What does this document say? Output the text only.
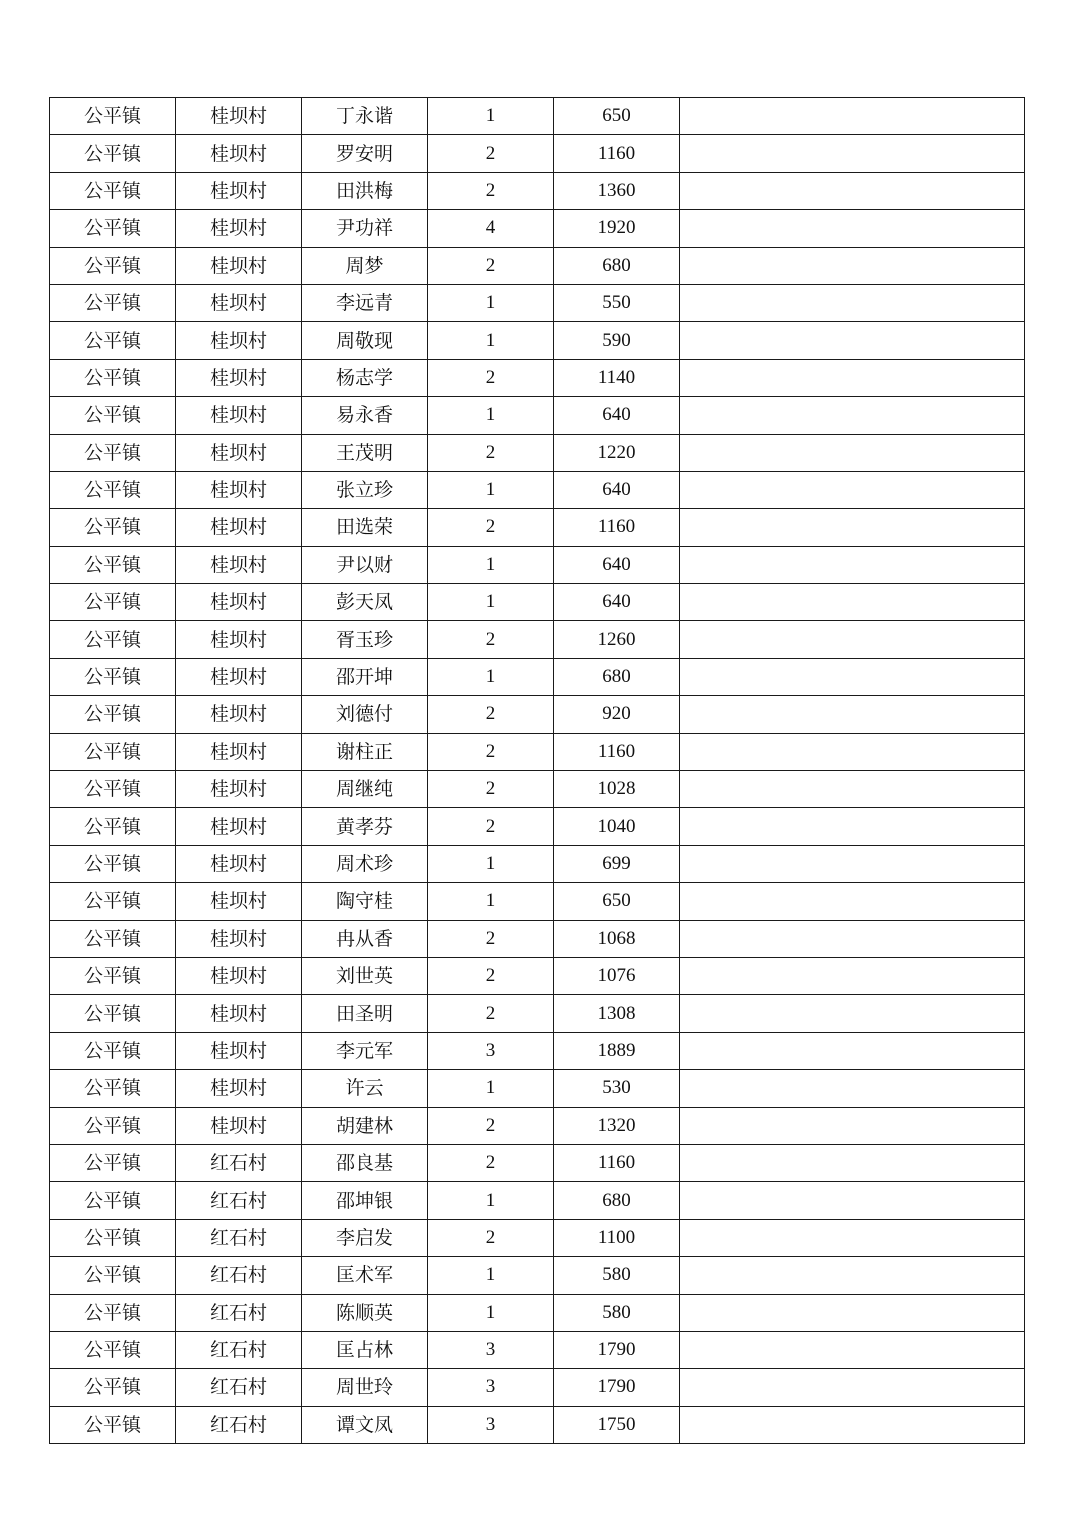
公平镇	桂坝村	丁永谐	1	650	
公平镇	桂坝村	罗安明	2	1160	
公平镇	桂坝村	田洪梅	2	1360	
公平镇	桂坝村	尹功祥	4	1920	
公平镇	桂坝村	周梦	2	680	
公平镇	桂坝村	李远青	1	550	
公平镇	桂坝村	周敬现	1	590	
公平镇	桂坝村	杨志学	2	1140	
公平镇	桂坝村	易永香	1	640	
公平镇	桂坝村	王茂明	2	1220	
公平镇	桂坝村	张立珍	1	640	
公平镇	桂坝村	田选荣	2	1160	
公平镇	桂坝村	尹以财	1	640	
公平镇	桂坝村	彭天凤	1	640	
公平镇	桂坝村	胥玉珍	2	1260	
公平镇	桂坝村	邵开坤	1	680	
公平镇	桂坝村	刘德付	2	920	
公平镇	桂坝村	谢柱正	2	1160	
公平镇	桂坝村	周继纯	2	1028	
公平镇	桂坝村	黄孝芬	2	1040	
公平镇	桂坝村	周术珍	1	699	
公平镇	桂坝村	陶守桂	1	650	
公平镇	桂坝村	冉从香	2	1068	
公平镇	桂坝村	刘世英	2	1076	
公平镇	桂坝村	田圣明	2	1308	
公平镇	桂坝村	李元军	3	1889	
公平镇	桂坝村	许云	1	530	
公平镇	桂坝村	胡建林	2	1320	
公平镇	红石村	邵良基	2	1160	
公平镇	红石村	邵坤银	1	680	
公平镇	红石村	李启发	2	1100	
公平镇	红石村	匡术军	1	580	
公平镇	红石村	陈顺英	1	580	
公平镇	红石村	匡占林	3	1790	
公平镇	红石村	周世玲	3	1790	
公平镇	红石村	谭文凤	3	1750	
